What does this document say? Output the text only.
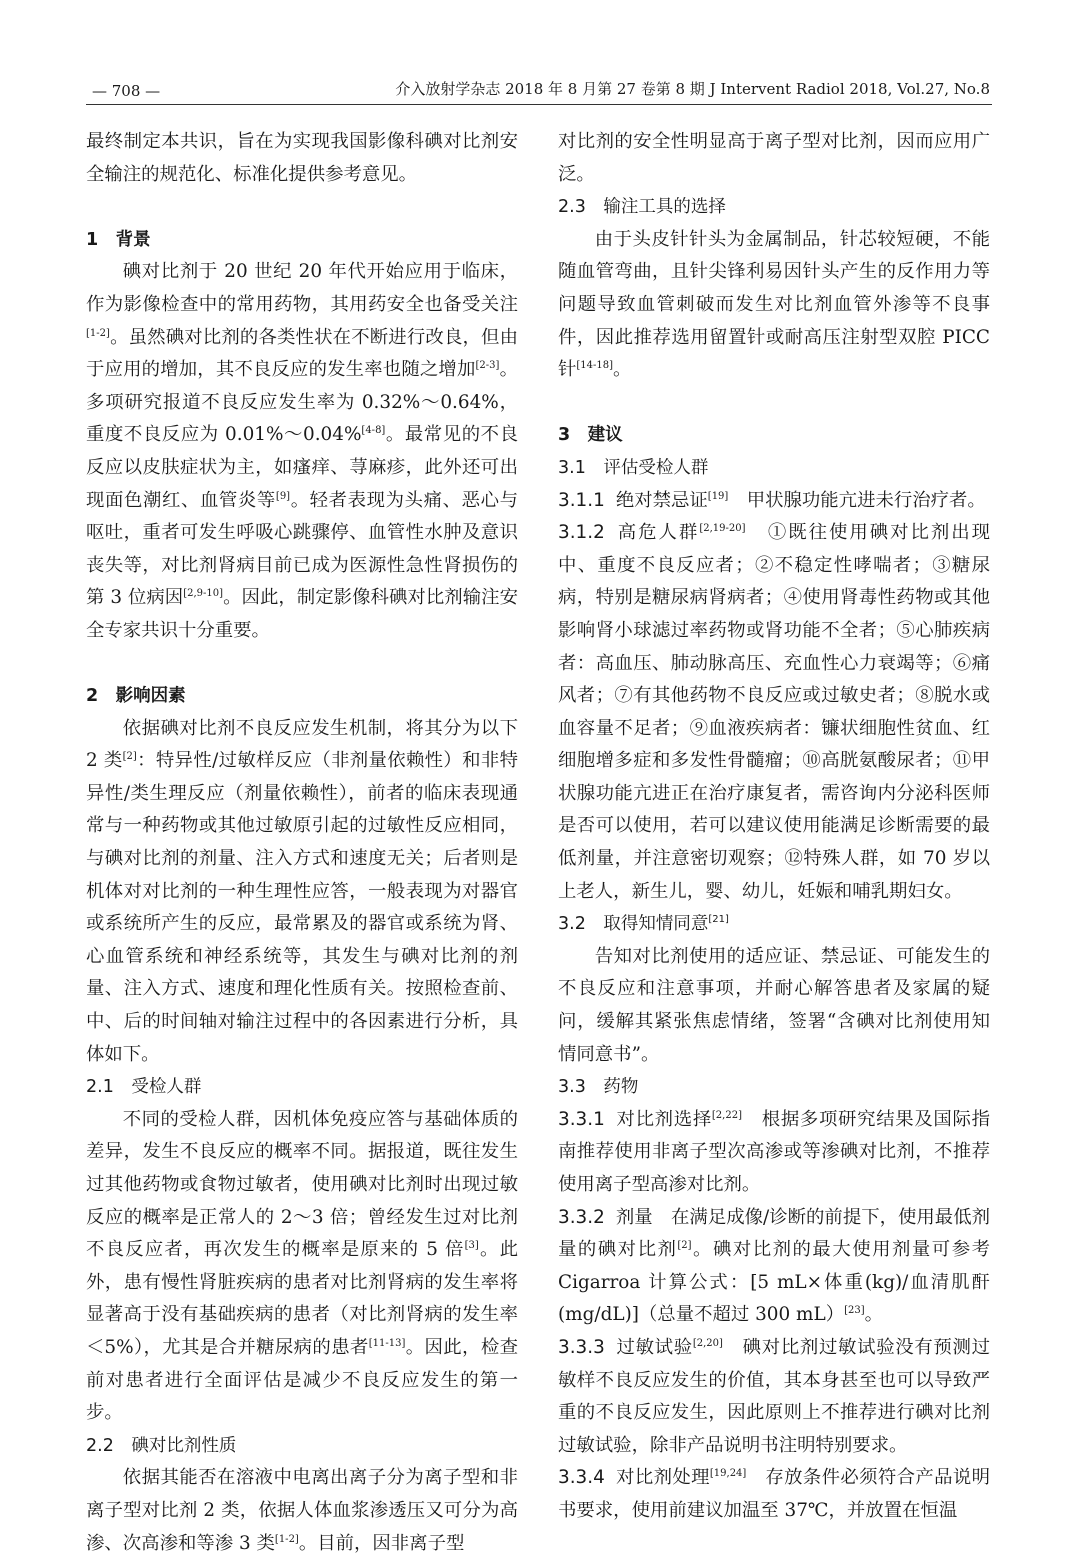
— 708 —	介入放射学杂志 2018 年 8 月第 27 卷第 8 期 J Intervent Radiol 2018, Vol.27, No.8

最终制定本共识，旨在为实现我国影像科碘对比剂安全输注的规范化、标准化提供参考意见。

1　背景

碘对比剂于 20 世纪 20 年代开始应用于临床，作为影像检查中的常用药物，其用药安全也备受关注[1-2]。虽然碘对比剂的各类性状在不断进行改良，但由于应用的增加，其不良反应的发生率也随之增加[2-3]。多项研究报道不良反应发生率为 0.32%～0.64%，重度不良反应为 0.01%～0.04%[4-8]。最常见的不良反应以皮肤症状为主，如瘙痒、荨麻疹，此外还可出现面色潮红、血管炎等[9]。轻者表现为头痛、恶心与呕吐，重者可发生呼吸心跳骤停、血管性水肿及意识丧失等，对比剂肾病目前已成为医源性急性肾损伤的第 3 位病因[2,9-10]。因此，制定影像科碘对比剂输注安全专家共识十分重要。

2　影响因素

依据碘对比剂不良反应发生机制，将其分为以下 2 类[2]：特异性/过敏样反应（非剂量依赖性）和非特异性/类生理反应（剂量依赖性），前者的临床表现通常与一种药物或其他过敏原引起的过敏性反应相同，与碘对比剂的剂量、注入方式和速度无关；后者则是机体对对比剂的一种生理性应答，一般表现为对器官或系统所产生的反应，最常累及的器官或系统为肾、心血管系统和神经系统等，其发生与碘对比剂的剂量、注入方式、速度和理化性质有关。按照检查前、中、后的时间轴对输注过程中的各因素进行分析，具体如下。

2.1　受检人群

不同的受检人群，因机体免疫应答与基础体质的差异，发生不良反应的概率不同。据报道，既往发生过其他药物或食物过敏者，使用碘对比剂时出现过敏反应的概率是正常人的 2～3 倍；曾经发生过对比剂不良反应者，再次发生的概率是原来的 5 倍[3]。此外，患有慢性肾脏疾病的患者对比剂肾病的发生率将显著高于没有基础疾病的患者（对比剂肾病的发生率＜5%），尤其是合并糖尿病的患者[11-13]。因此，检查前对患者进行全面评估是减少不良反应发生的第一步。

2.2　碘对比剂性质

依据其能否在溶液中电离出离子分为离子型和非离子型对比剂 2 类，依据人体血浆渗透压又可分为高渗、次高渗和等渗 3 类[1-2]。目前，因非离子型

对比剂的安全性明显高于离子型对比剂，因而应用广泛。

2.3　输注工具的选择

由于头皮针针头为金属制品，针芯较短硬，不能随血管弯曲，且针尖锋利易因针头产生的反作用力等问题导致血管刺破而发生对比剂血管外渗等不良事件，因此推荐选用留置针或耐高压注射型双腔 PICC 针[14-18]。

3　建议

3.1　评估受检人群

3.1.1 绝对禁忌证[19]　甲状腺功能亢进未行治疗者。

3.1.2 高危人群[2,19-20]　①既往使用碘对比剂出现中、重度不良反应者；②不稳定性哮喘者；③糖尿病，特别是糖尿病肾病者；④使用肾毒性药物或其他影响肾小球滤过率药物或肾功能不全者；⑤心肺疾病者：高血压、肺动脉高压、充血性心力衰竭等；⑥痛风者；⑦有其他药物不良反应或过敏史者；⑧脱水或血容量不足者；⑨血液疾病者：镰状细胞性贫血、红细胞增多症和多发性骨髓瘤；⑩高胱氨酸尿者；⑪甲状腺功能亢进正在治疗康复者，需咨询内分泌科医师是否可以使用，若可以建议使用能满足诊断需要的最低剂量，并注意密切观察；⑫特殊人群，如 70 岁以上老人，新生儿，婴、幼儿，妊娠和哺乳期妇女。

3.2　取得知情同意[21]

告知对比剂使用的适应证、禁忌证、可能发生的不良反应和注意事项，并耐心解答患者及家属的疑问，缓解其紧张焦虑情绪，签署“含碘对比剂使用知情同意书”。

3.3　药物

3.3.1 对比剂选择[2,22]　根据多项研究结果及国际指南推荐使用非离子型次高渗或等渗碘对比剂，不推荐使用离子型高渗对比剂。

3.3.2 剂量　在满足成像/诊断的前提下，使用最低剂量的碘对比剂[2]。碘对比剂的最大使用剂量可参考 Cigarroa 计算公式：[5 mL×体重(kg)/血清肌酐(mg/dL)]（总量不超过 300 mL）[23]。

3.3.3 过敏试验[2,20]　碘对比剂过敏试验没有预测过敏样不良反应发生的价值，其本身甚至也可以导致严重的不良反应发生，因此原则上不推荐进行碘对比剂过敏试验，除非产品说明书注明特别要求。

3.3.4 对比剂处理[19,24]　存放条件必须符合产品说明书要求，使用前建议加温至 37℃，并放置在恒温
